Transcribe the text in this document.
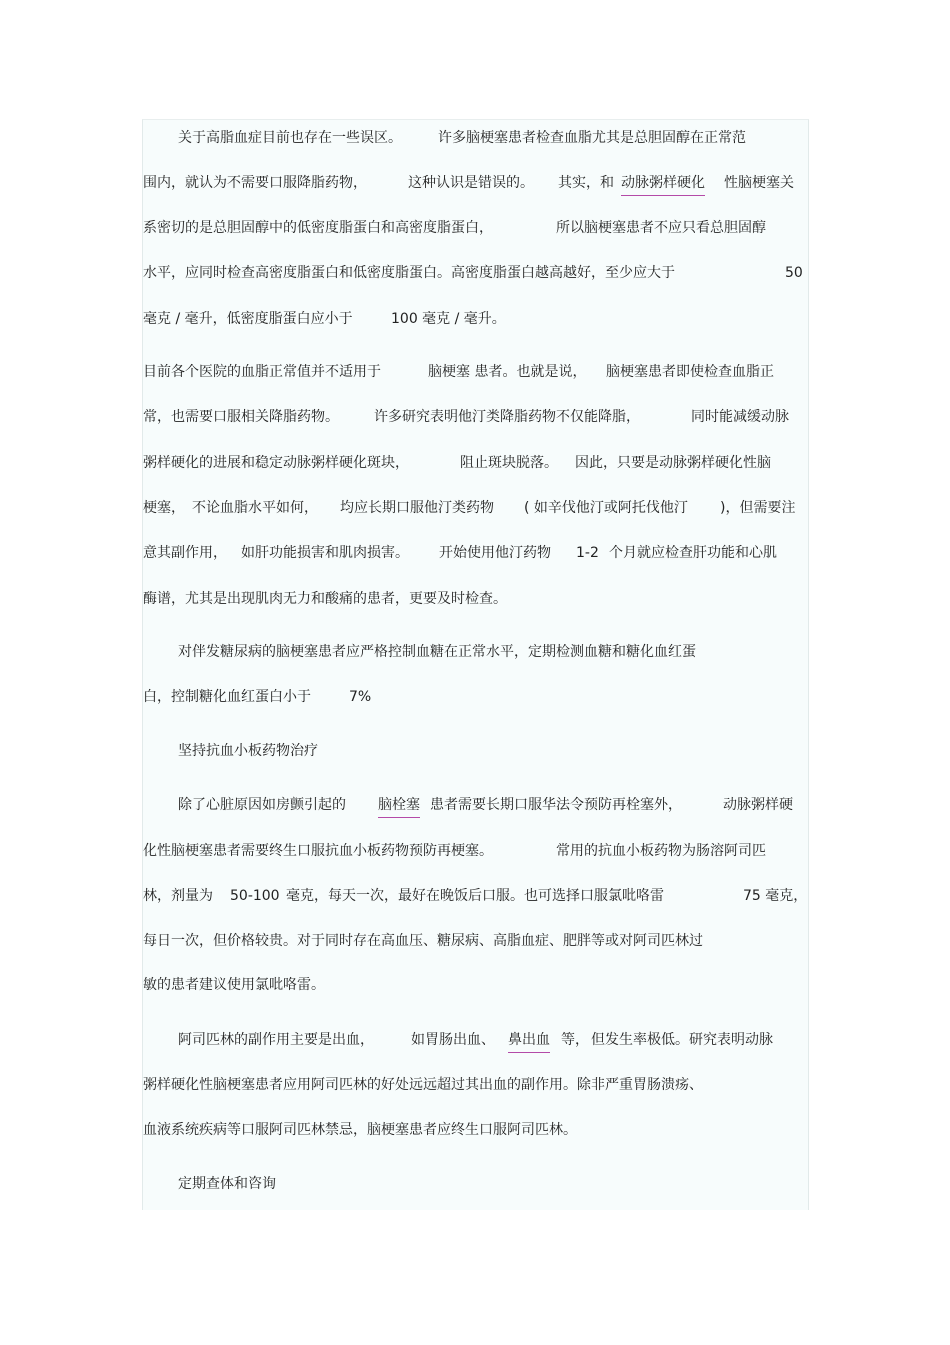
关于高脂血症目前也存在一些误区。	许多脑梗塞患者检查血脂尤其是总胆固醇在正常范
围内，就认为不需要口服降脂药物，	这种认识是错误的。 其实，和 动脉粥样硬化 性脑梗塞关
系密切的是总胆固醇中的低密度脂蛋白和高密度脂蛋白，	所以脑梗塞患者不应只看总胆固醇
水平，应同时检查高密度脂蛋白和低密度脂蛋白。高密度脂蛋白越高越好，至少应大于	50
毫克 / 毫升，低密度脂蛋白应小于	100 毫克 / 毫升。
目前各个医院的血脂正常值并不适用于	脑梗塞 患者。也就是说， 脑梗塞患者即使检查血脂正
常，也需要口服相关降脂药物。	许多研究表明他汀类降脂药物不仅能降脂，	同时能减缓动脉
粥样硬化的进展和稳定动脉粥样硬化斑块，	阻止斑块脱落。 因此，只要是动脉粥样硬化性脑
梗塞， 不论血脂水平如何， 均应长期口服他汀类药物 ( 如辛伐他汀或阿托伐他汀 )，但需要注
意其副作用， 如肝功能损害和肌肉损害。 开始使用他汀药物 1-2 个月就应检查肝功能和心肌
酶谱，尤其是出现肌肉无力和酸痛的患者，更要及时检查。
对伴发糖尿病的脑梗塞患者应严格控制血糖在正常水平，定期检测血糖和糖化血红蛋
白，控制糖化血红蛋白小于	7%
坚持抗血小板药物治疗
除了心脏原因如房颤引起的 脑栓塞 患者需要长期口服华法令预防再栓塞外，	动脉粥样硬
化性脑梗塞患者需要终生口服抗血小板药物预防再梗塞。	常用的抗血小板药物为肠溶阿司匹
林，剂量为 50-100 毫克，每天一次，最好在晚饭后口服。也可选择口服氯吡咯雷	75 毫克，
每日一次，但价格较贵。对于同时存在高血压、糖尿病、高脂血症、肥胖等或对阿司匹林过
敏的患者建议使用氯吡咯雷。
阿司匹林的副作用主要是出血，	如胃肠出血、 鼻出血 等， 但发生率极低。研究表明动脉
粥样硬化性脑梗塞患者应用阿司匹林的好处远远超过其出血的副作用。除非严重胃肠溃疡、
血液系统疾病等口服阿司匹林禁忌，脑梗塞患者应终生口服阿司匹林。
定期查体和咨询
